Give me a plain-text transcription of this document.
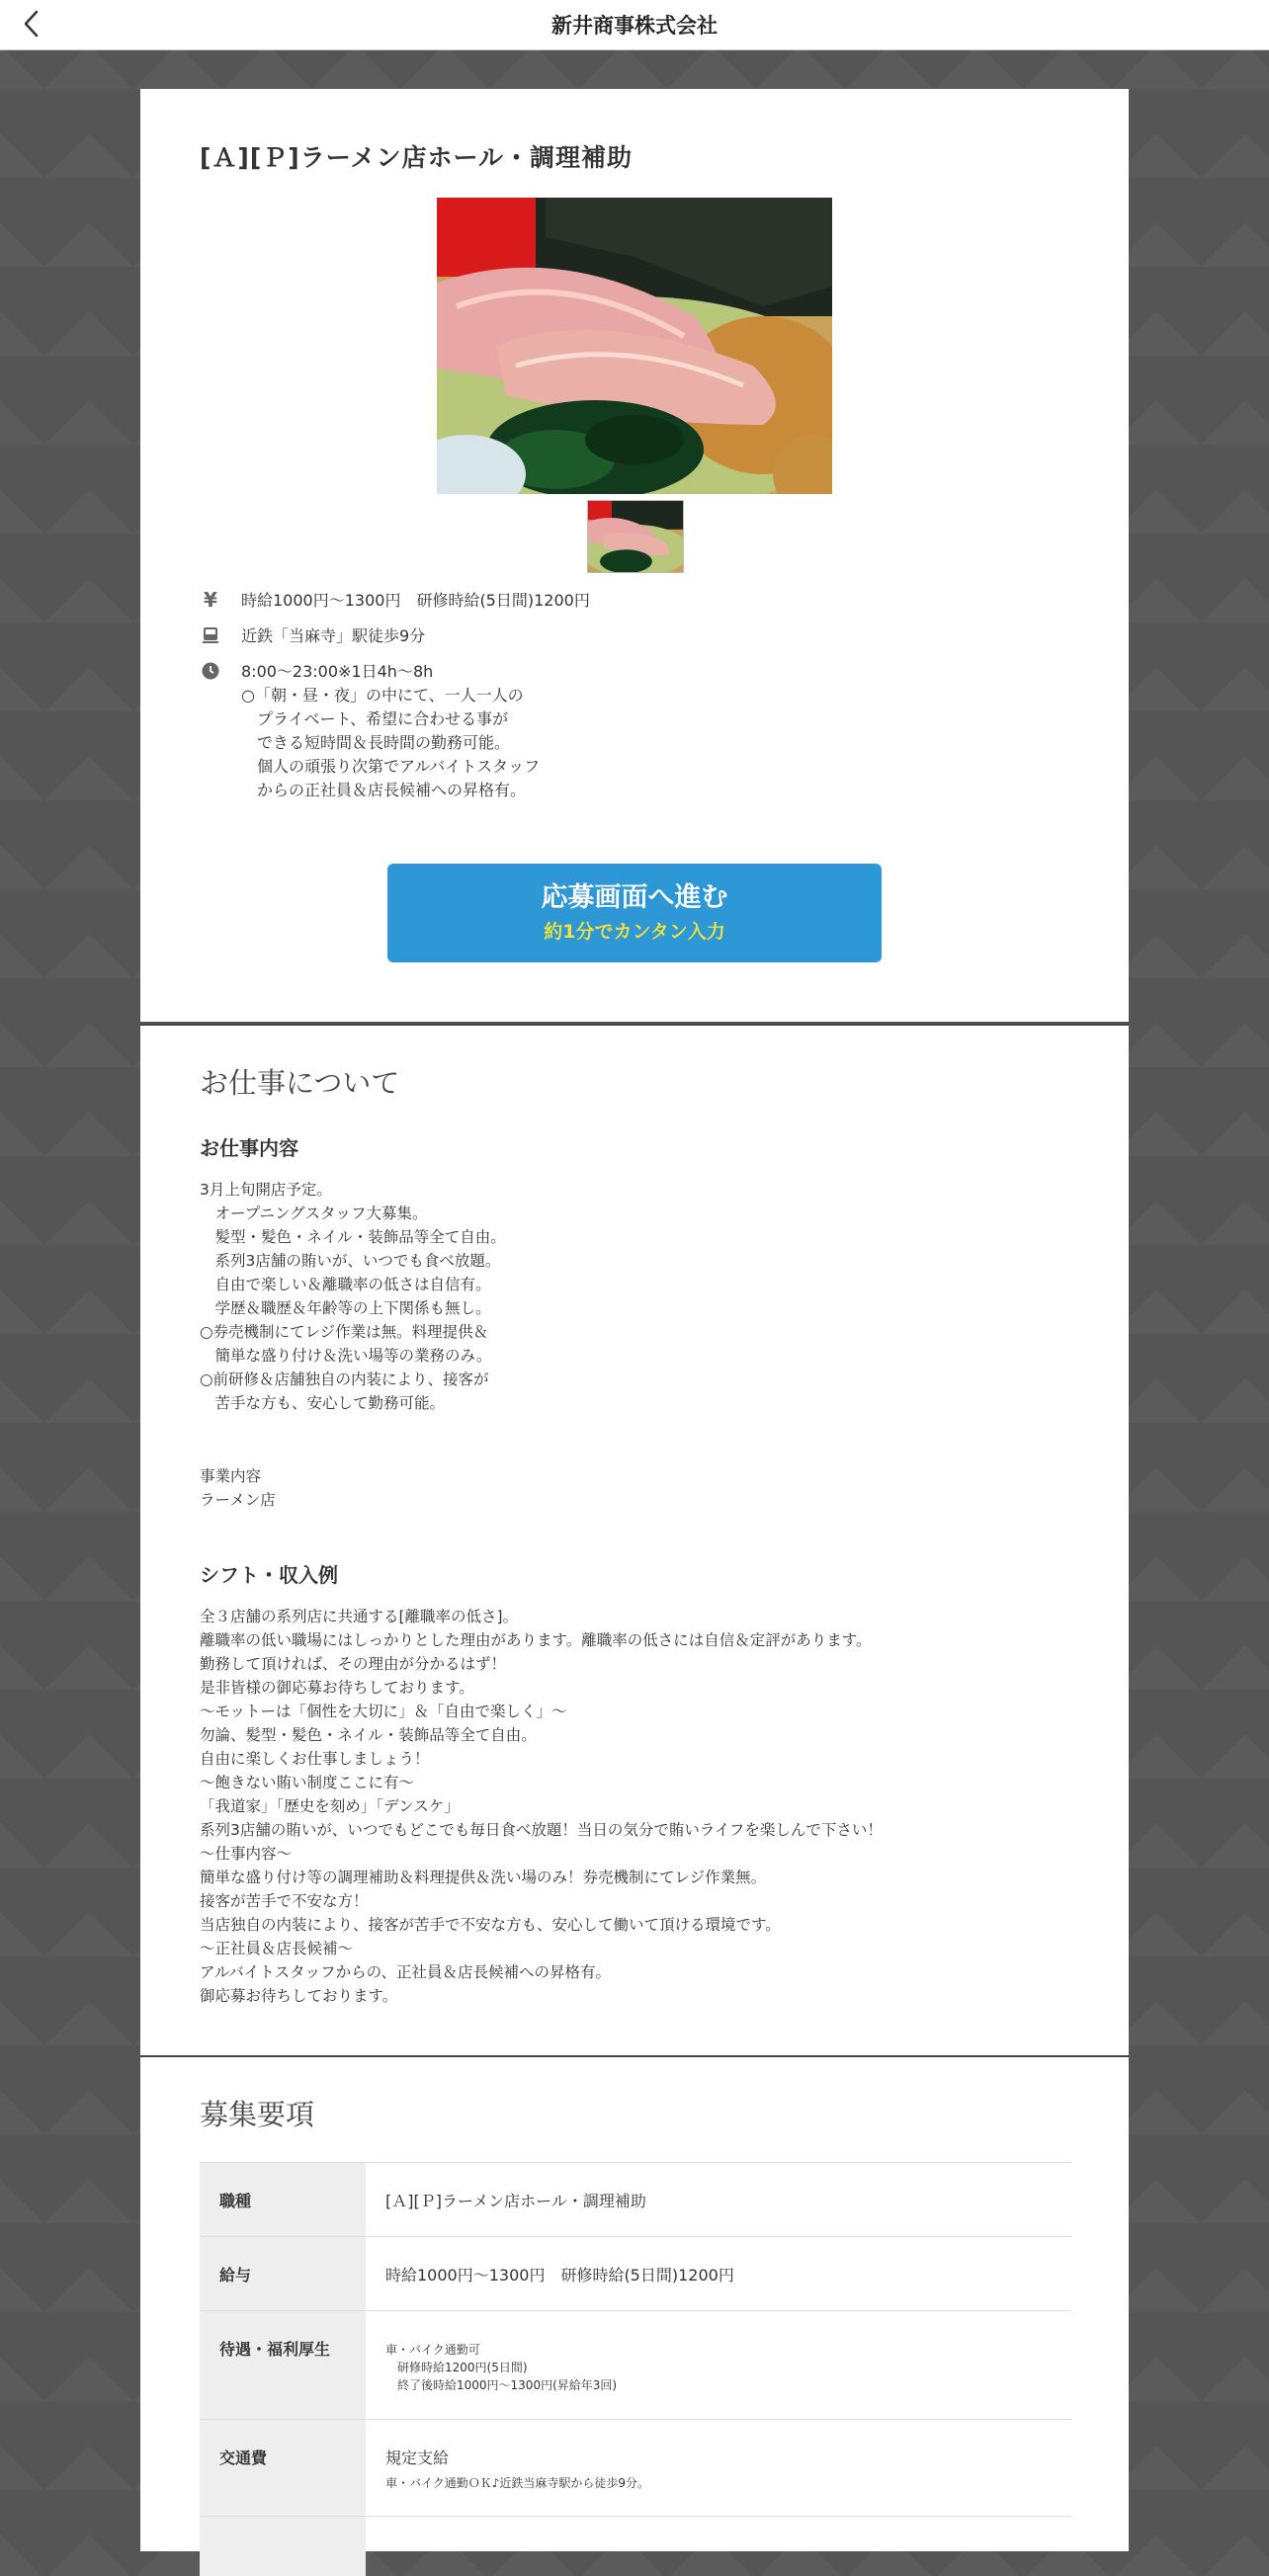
新井商事株式会社
[Ａ][Ｐ]ラーメン店ホール・調理補助
¥ 時給1000円～1300円　研修時給(5日間)1200円
近鉄「当麻寺」駅徒歩9分
8:00～23:00※1日4h～8h
○「朝・昼・夜」の中にて、一人一人の
　プライベート、希望に合わせる事が
　できる短時間＆長時間の勤務可能。
　個人の頑張り次第でアルバイトスタッフ
　からの正社員＆店長候補への昇格有。
応募画面へ進む
約1分でカンタン入力
お仕事について
お仕事内容
3月上旬開店予定。
　オープニングスタッフ大募集。
　髪型・髪色・ネイル・装飾品等全て自由。
　系列3店舗の賄いが、いつでも食べ放題。
　自由で楽しい＆離職率の低さは自信有。
　学歴＆職歴＆年齢等の上下関係も無し。
○券売機制にてレジ作業は無。料理提供＆
　簡単な盛り付け＆洗い場等の業務のみ。
○前研修＆店舗独自の内装により、接客が
　苦手な方も、安心して勤務可能。
事業内容
ラーメン店
シフト・収入例
全３店舗の系列店に共通する[離職率の低さ]。
離職率の低い職場にはしっかりとした理由があります。離職率の低さには自信＆定評があります。
勤務して頂ければ、その理由が分かるはず！
是非皆様の御応募お待ちしております。
～モットーは「個性を大切に」＆「自由で楽しく」～
勿論、髪型・髪色・ネイル・装飾品等全て自由。
自由に楽しくお仕事しましょう！
～飽きない賄い制度ここに有～
「我道家」「歴史を刻め」「デンスケ」
系列3店舗の賄いが、いつでもどこでも毎日食べ放題！当日の気分で賄いライフを楽しんで下さい！
～仕事内容～
簡単な盛り付け等の調理補助＆料理提供＆洗い場のみ！券売機制にてレジ作業無。
接客が苦手で不安な方！
当店独自の内装により、接客が苦手で不安な方も、安心して働いて頂ける環境です。
～正社員＆店長候補～
アルバイトスタッフからの、正社員＆店長候補への昇格有。
御応募お待ちしております。
募集要項
職種	[Ａ][Ｐ]ラーメン店ホール・調理補助
給与	時給1000円～1300円　研修時給(5日間)1200円
待遇・福利厚生	車・バイク通勤可
　研修時給1200円(5日間)
　終了後時給1000円～1300円(昇給年3回)

交通費	規定支給
車・バイク通勤ＯＫ♪近鉄当麻寺駅から徒歩9分。
